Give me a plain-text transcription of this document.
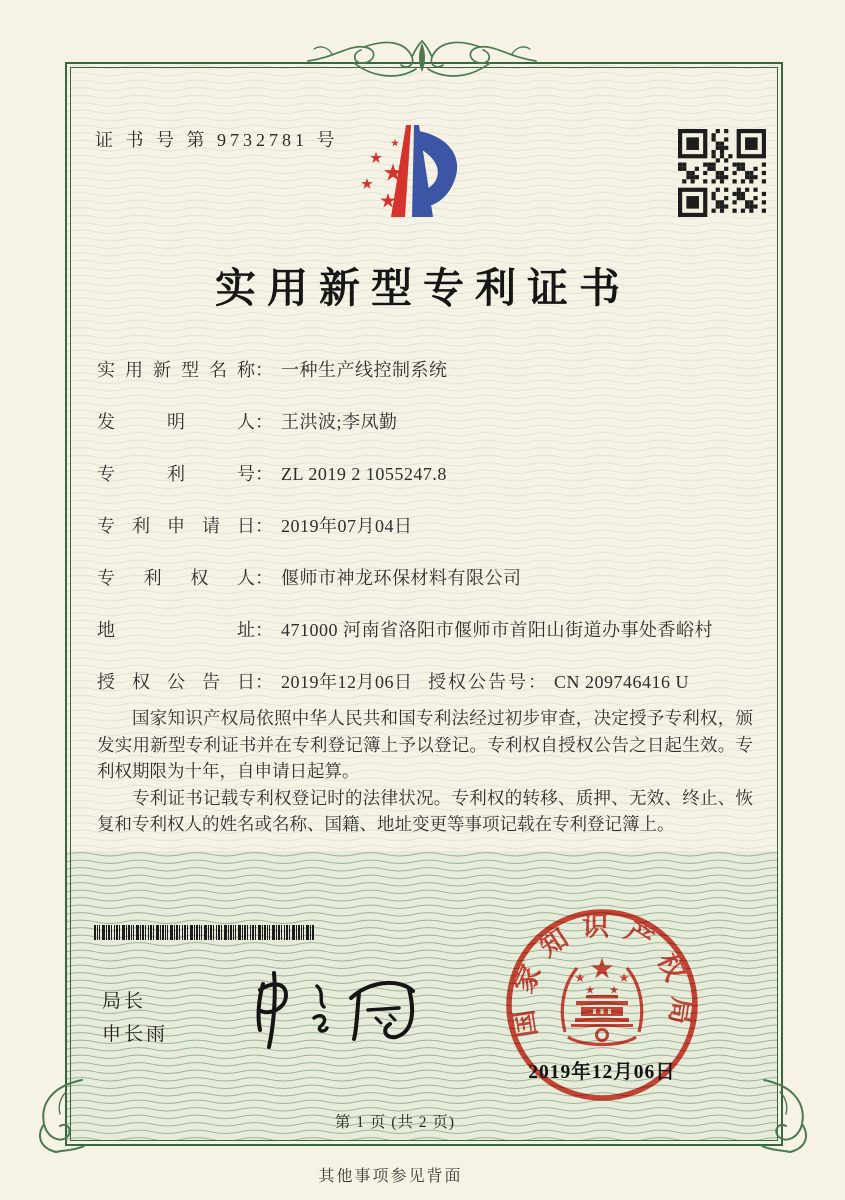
证 书 号 第 9732781 号
实用新型专利证书
实用新型名称： 一种生产线控制系统
发明人： 王洪波;李凤勤
专利号： ZL 2019 2 1055247.8
专利申请日： 2019年07月04日
专利权人： 偃师市神龙环保材料有限公司
地址： 471000 河南省洛阳市偃师市首阳山街道办事处香峪村
授权公告日： 2019年12月06日 授权公告号： CN 209746416 U

国家知识产权局依照中华人民共和国专利法经过初步审查，决定授予专利权，颁发实用新型专利证书并在专利登记簿上予以登记。专利权自授权公告之日起生效。专利权期限为十年，自申请日起算。

专利证书记载专利权登记时的法律状况。专利权的转移、质押、无效、终止、恢复和专利权人的姓名或名称、国籍、地址变更等事项记载在专利登记簿上。

局长
申长雨	国家知识产权局
2019年12月06日
第 1 页 (共 2 页)
其他事项参见背面
